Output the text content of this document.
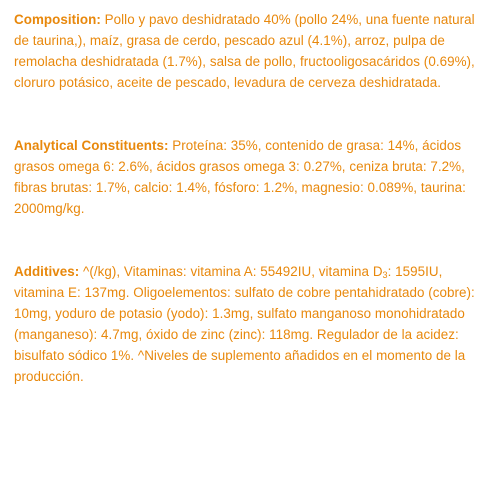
Composition: Pollo y pavo deshidratado 40% (pollo 24%, una fuente natural de taurina,), maíz, grasa de cerdo, pescado azul (4.1%), arroz, pulpa de remolacha deshidratada (1.7%), salsa de pollo, fructooligosacáridos (0.69%), cloruro potásico, aceite de pescado, levadura de cerveza deshidratada.

Analytical Constituents: Proteína: 35%, contenido de grasa: 14%, ácidos grasos omega 6: 2.6%, ácidos grasos omega 3: 0.27%, ceniza bruta: 7.2%, fibras brutas: 1.7%, calcio: 1.4%, fósforo: 1.2%, magnesio: 0.089%, taurina: 2000mg/kg.

Additives: ^(/kg), Vitaminas: vitamina A: 55492IU, vitamina $D_3$: 1595IU, vitamina E: 137mg. Oligoelementos: sulfato de cobre pentahidratado (cobre): 10mg, yoduro de potasio (yodo): 1.3mg, sulfato manganoso monohidratado (manganeso): 4.7mg, óxido de zinc (zinc): 118mg. Regulador de la acidez: bisulfato sódico 1%. ^Niveles de suplemento añadidos en el momento de la producción.
